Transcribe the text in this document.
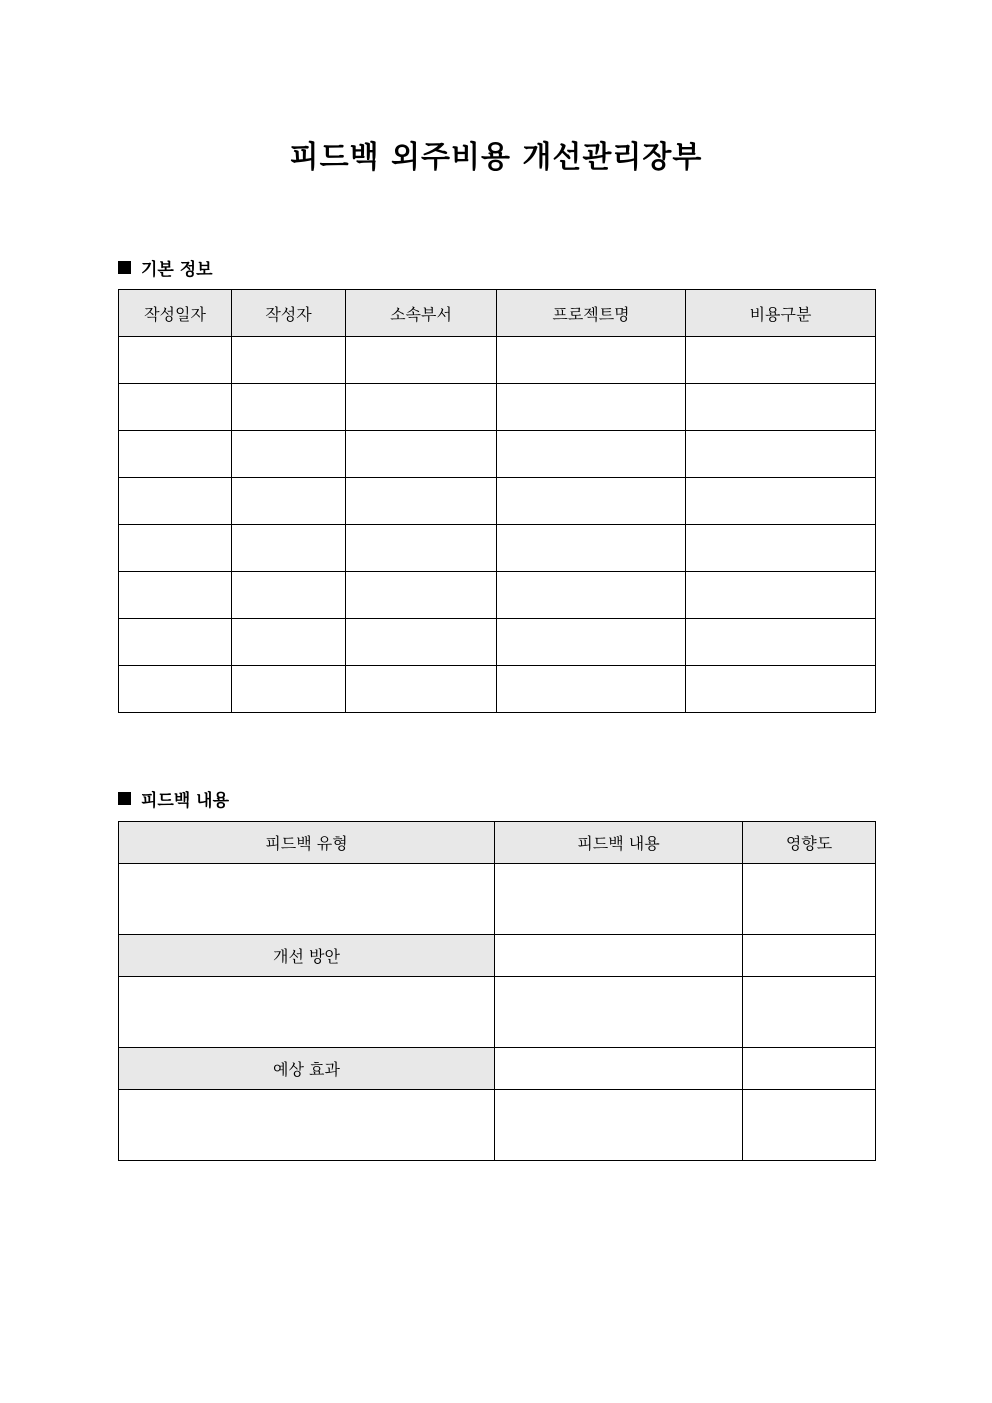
피드백 외주비용 개선관리장부
기본 정보
작성일자	작성자	소속부서	프로젝트명	비용구분

피드백 내용
피드백 유형	피드백 내용	영향도

개선 방안		

예상 효과		
